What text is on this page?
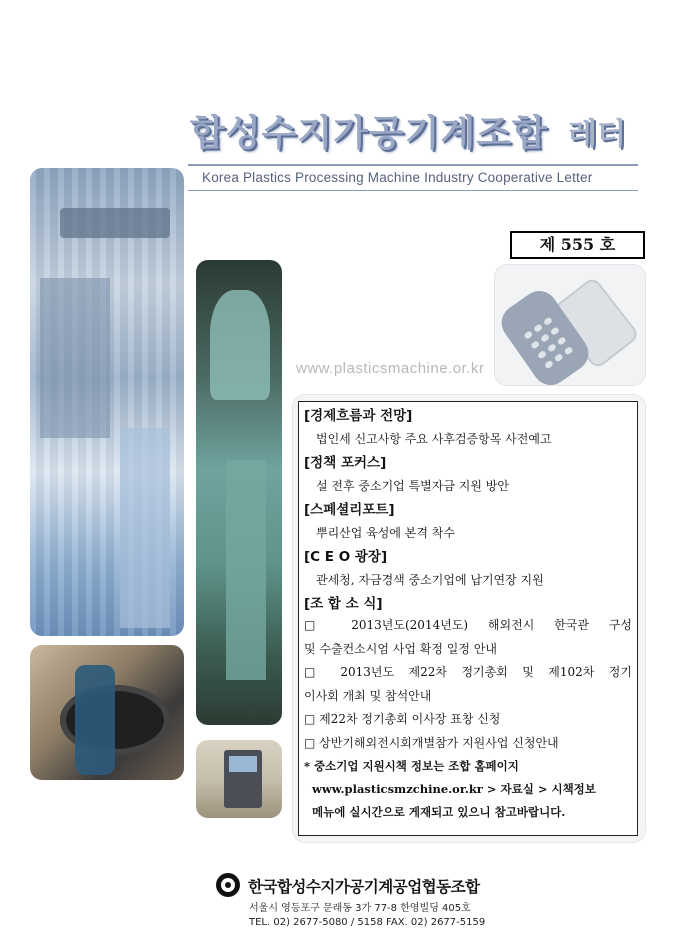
합성수지가공기계조합 레터
Korea Plastics Processing Machine Industry Cooperative Letter
제 555 호
www.plasticsmachine.or.kr
[경제흐름과 전망]
법인세 신고사항 주요 사후검증항목 사전예고
[정책 포커스]
설 전후 중소기업 특별자금 지원 방안
[스페셜리포트]
뿌리산업 육성에 본격 착수
[C E O 광장]
관세청, 자금경색 중소기업에 납기연장 지원
[조 합 소 식]
□ 2013년도(2014년도) 해외전시 한국관 구성
및 수출컨소시엄 사업 확정 일정 안내
□ 2013년도 제22차 정기총회 및 제102차 정기
이사회 개최 및 참석안내
□ 제22차 정기총회 이사장 표창 신청
□ 상반기해외전시회개별참가 지원사업 신청안내
* 중소기업 지원시책 정보는 조합 홈페이지
www.plasticsmzchine.or.kr > 자료실 > 시책정보
메뉴에 실시간으로 게재되고 있으니 참고바랍니다.
한국합성수지가공기계공업협동조합
서울시 영등포구 문래동 3가 77-8 한영빌딩 405호
TEL. 02) 2677-5080 / 5158 FAX. 02) 2677-5159
